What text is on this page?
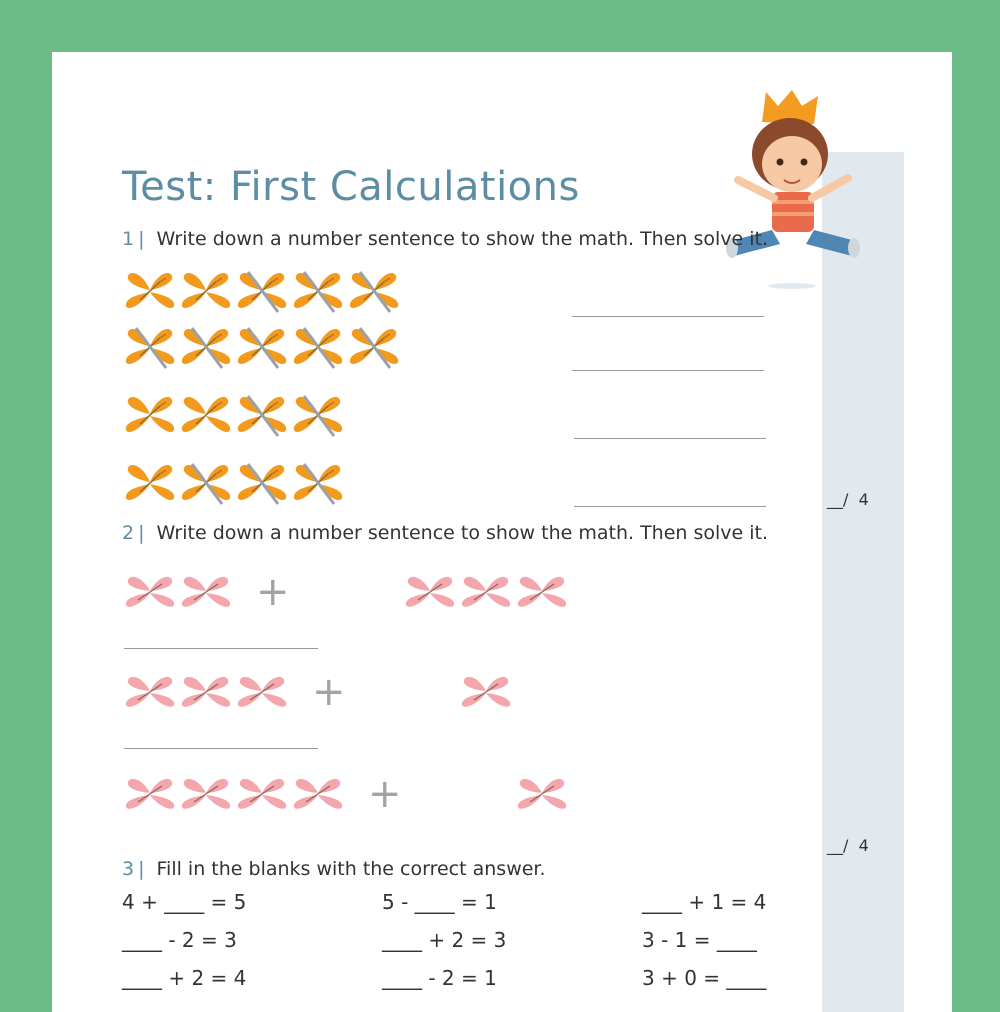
Test: First Calculations
1 | Write down a number sentence to show the math. Then solve it.
__/  4
2 | Write down a number sentence to show the math. Then solve it.
+
+
+
__/  4
3 | Fill in the blanks with the correct answer.
4 + ____ = 5	5 - ____ = 1	____ + 1 = 4
____ - 2 = 3	____ + 2 = 3	3 - 1 = ____
____ + 2 = 4	____ - 2 = 1	3 + 0 = ____
